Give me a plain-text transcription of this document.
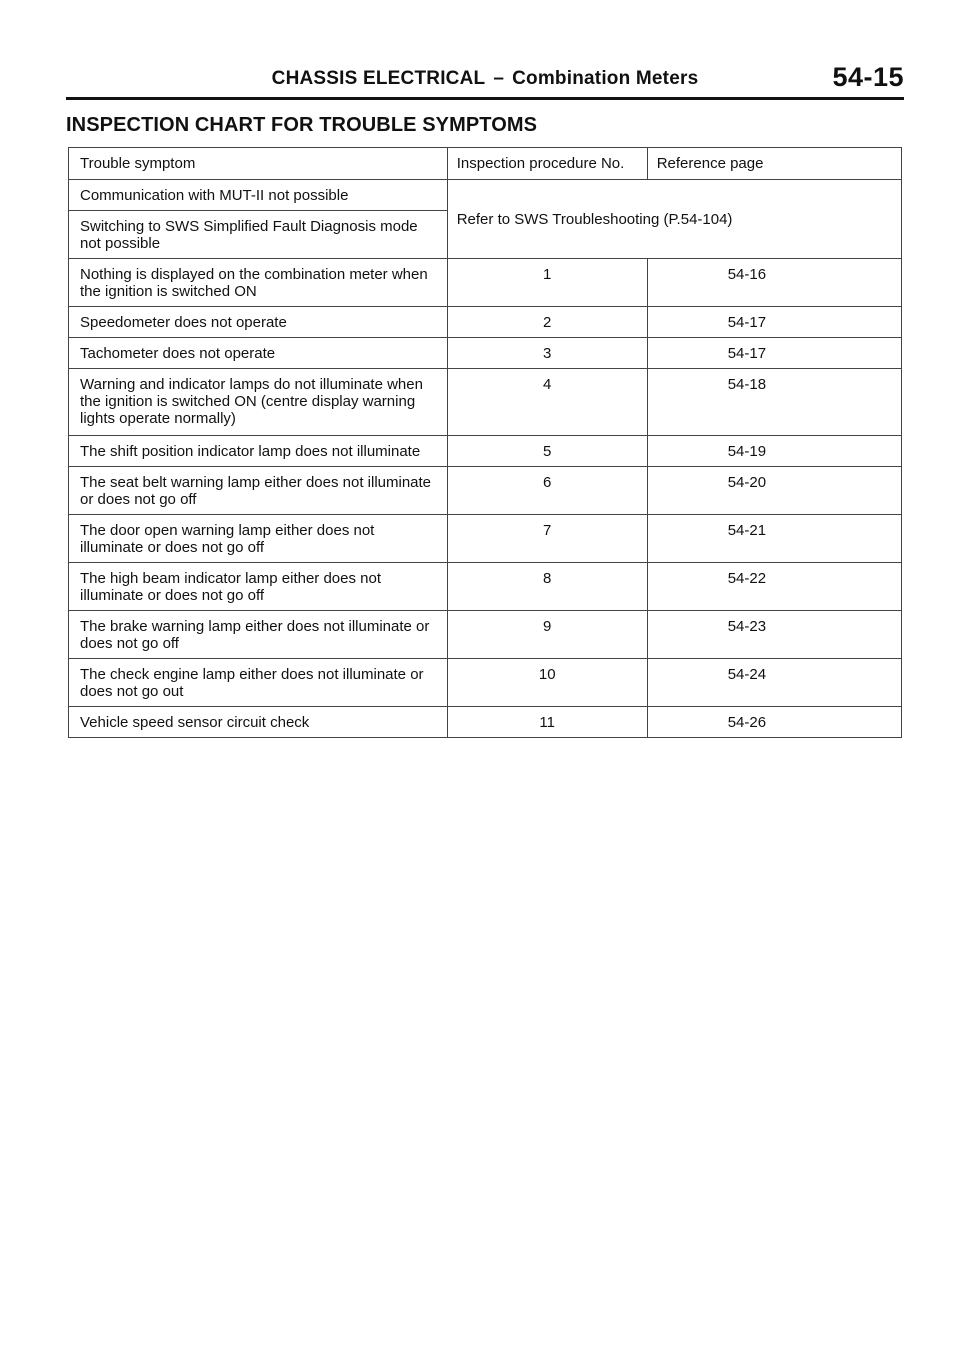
CHASSIS ELECTRICAL – Combination Meters	54-15
INSPECTION CHART FOR TROUBLE SYMPTOMS
Trouble symptom	Inspection procedure No.	Reference page
Communication with MUT-II not possible	Refer to SWS Troubleshooting (P.54-104)	
Switching to SWS Simplified Fault Diagnosis mode not possible		
Nothing is displayed on the combination meter when the ignition is switched ON	1	54-16
Speedometer does not operate	2	54-17
Tachometer does not operate	3	54-17
Warning and indicator lamps do not illuminate when the ignition is switched ON (centre display warning lights operate normally)	4	54-18
The shift position indicator lamp does not illuminate	5	54-19
The seat belt warning lamp either does not illuminate or does not go off	6	54-20
The door open warning lamp either does not illuminate or does not go off	7	54-21
The high beam indicator lamp either does not illuminate or does not go off	8	54-22
The brake warning lamp either does not illuminate or does not go off	9	54-23
The check engine lamp either does not illuminate or does not go out	10	54-24
Vehicle speed sensor circuit check	11	54-26
